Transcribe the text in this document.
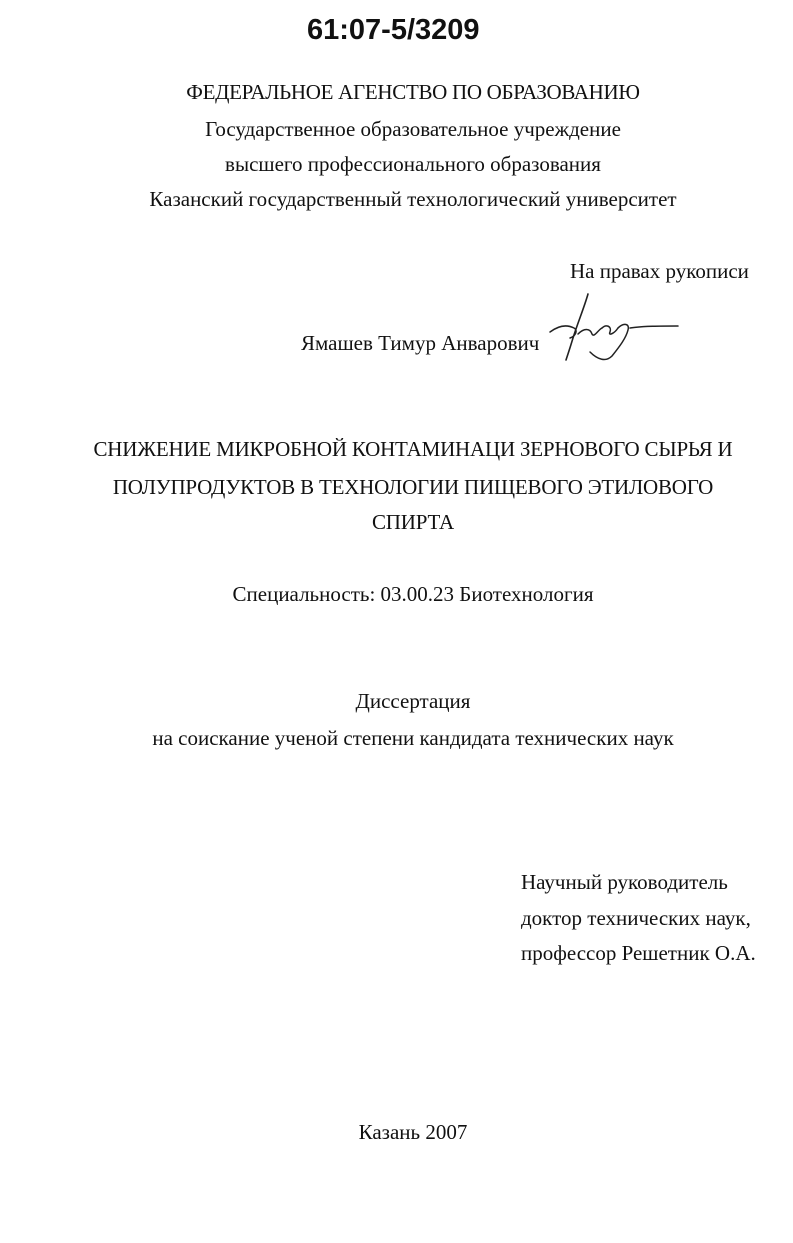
61:07-5/3209
ФЕДЕРАЛЬНОЕ АГЕНСТВО ПО ОБРАЗОВАНИЮ
Государственное образовательное учреждение
высшего профессионального образования
Казанский государственный технологический университет
На правах рукописи
Ямашев Тимур Анварович
СНИЖЕНИЕ МИКРОБНОЙ КОНТАМИНАЦИ ЗЕРНОВОГО СЫРЬЯ И
ПОЛУПРОДУКТОВ В ТЕХНОЛОГИИ ПИЩЕВОГО ЭТИЛОВОГО
СПИРТА
Специальность: 03.00.23 Биотехнология
Диссертация
на соискание ученой степени кандидата технических наук
Научный руководитель
доктор технических наук,
профессор Решетник О.А.
Казань 2007
